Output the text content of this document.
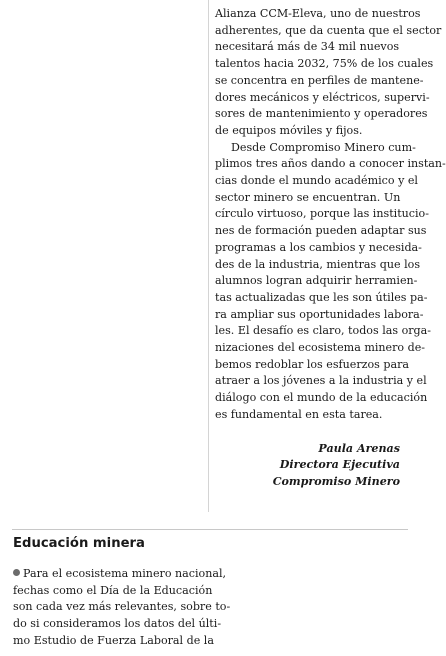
Alianza CCM-Eleva, uno de nuestros
adherentes, que da cuenta que el sector
necesitará más de 34 mil nuevos
talentos hacia 2032, 75% de los cuales
se concentra en perfiles de mantene-
dores mecánicos y eléctricos, supervi-
sores de mantenimiento y operadores
de equipos móviles y fijos.

Desde Compromiso Minero cum-
plimos tres años dando a conocer instan-
cias donde el mundo académico y el
sector minero se encuentran. Un
círculo virtuoso, porque las institucio-
nes de formación pueden adaptar sus
programas a los cambios y necesida-
des de la industria, mientras que los
alumnos logran adquirir herramien-
tas actualizadas que les son útiles pa-
ra ampliar sus oportunidades labora-
les. El desafío es claro, todos las orga-
nizaciones del ecosistema minero de-
bemos redoblar los esfuerzos para
atraer a los jóvenes a la industria y el
diálogo con el mundo de la educación
es fundamental en esta tarea.

Paula Arenas
Directora Ejecutiva
Compromiso Minero
Educación minera

Para el ecosistema minero nacional,
fechas como el Día de la Educación
son cada vez más relevantes, sobre to-
do si consideramos los datos del últi-
mo Estudio de Fuerza Laboral de la
